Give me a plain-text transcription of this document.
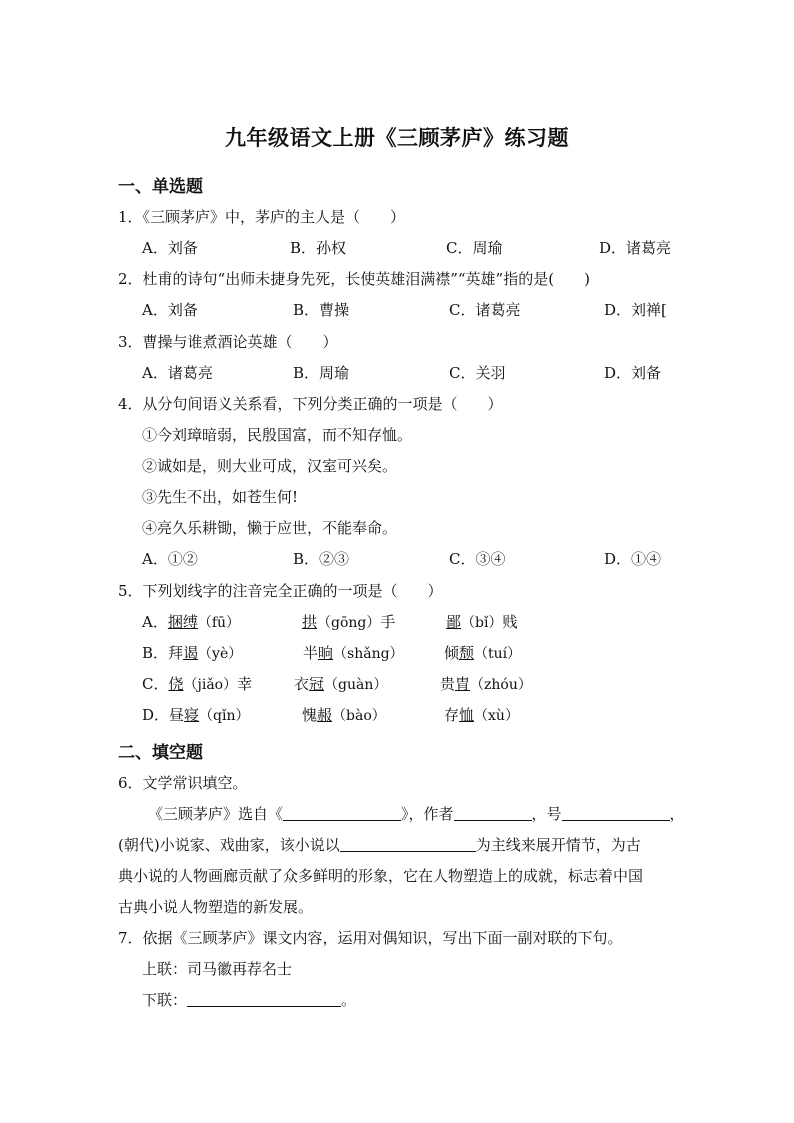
九年级语文上册《三顾茅庐》练习题
一、单选题
1．《三顾茅庐》中，茅庐的主人是（　　）
A．刘备	B．孙权	C．周瑜	D．诸葛亮
2．杜甫的诗句“出师未捷身先死，长使英雄泪满襟”“英雄”指的是(　　)
A．刘备	B．曹操	C．诸葛亮	D．刘禅[
3．曹操与谁煮酒论英雄（　　）
A．诸葛亮	B．周瑜	C．关羽	D．刘备
4．从分句间语义关系看，下列分类正确的一项是（　　）
①今刘璋暗弱，民殷国富，而不知存恤。
②诚如是，则大业可成，汉室可兴矣。
③先生不出，如苍生何!
④亮久乐耕锄，懒于应世，不能奉命。
A．①②	B．②③	C．③④	D．①④
5．下列划线字的注音完全正确的一项是（　　）
A．捆缚（fū）	拱（gōng）手	鄙（bǐ）贱
B．拜谒（yè）	半晌（shǎng）	倾颓（tuí）
C．侥（jiǎo）幸	衣冠（guàn）	贵胄（zhóu）
D．昼寝（qǐn）	愧赧（bào）	存恤（xù）
二、填空题
6．文学常识填空。
《三顾茅庐》选自《	》，作者	，号	，
(朝代)小说家、戏曲家，该小说以	为主线来展开情节，为古
典小说的人物画廊贡献了众多鲜明的形象，它在人物塑造上的成就，标志着中国
古典小说人物塑造的新发展。
7．依据《三顾茅庐》课文内容，运用对偶知识，写出下面一副对联的下句。
上联：司马徽再荐名士
下联：	。
